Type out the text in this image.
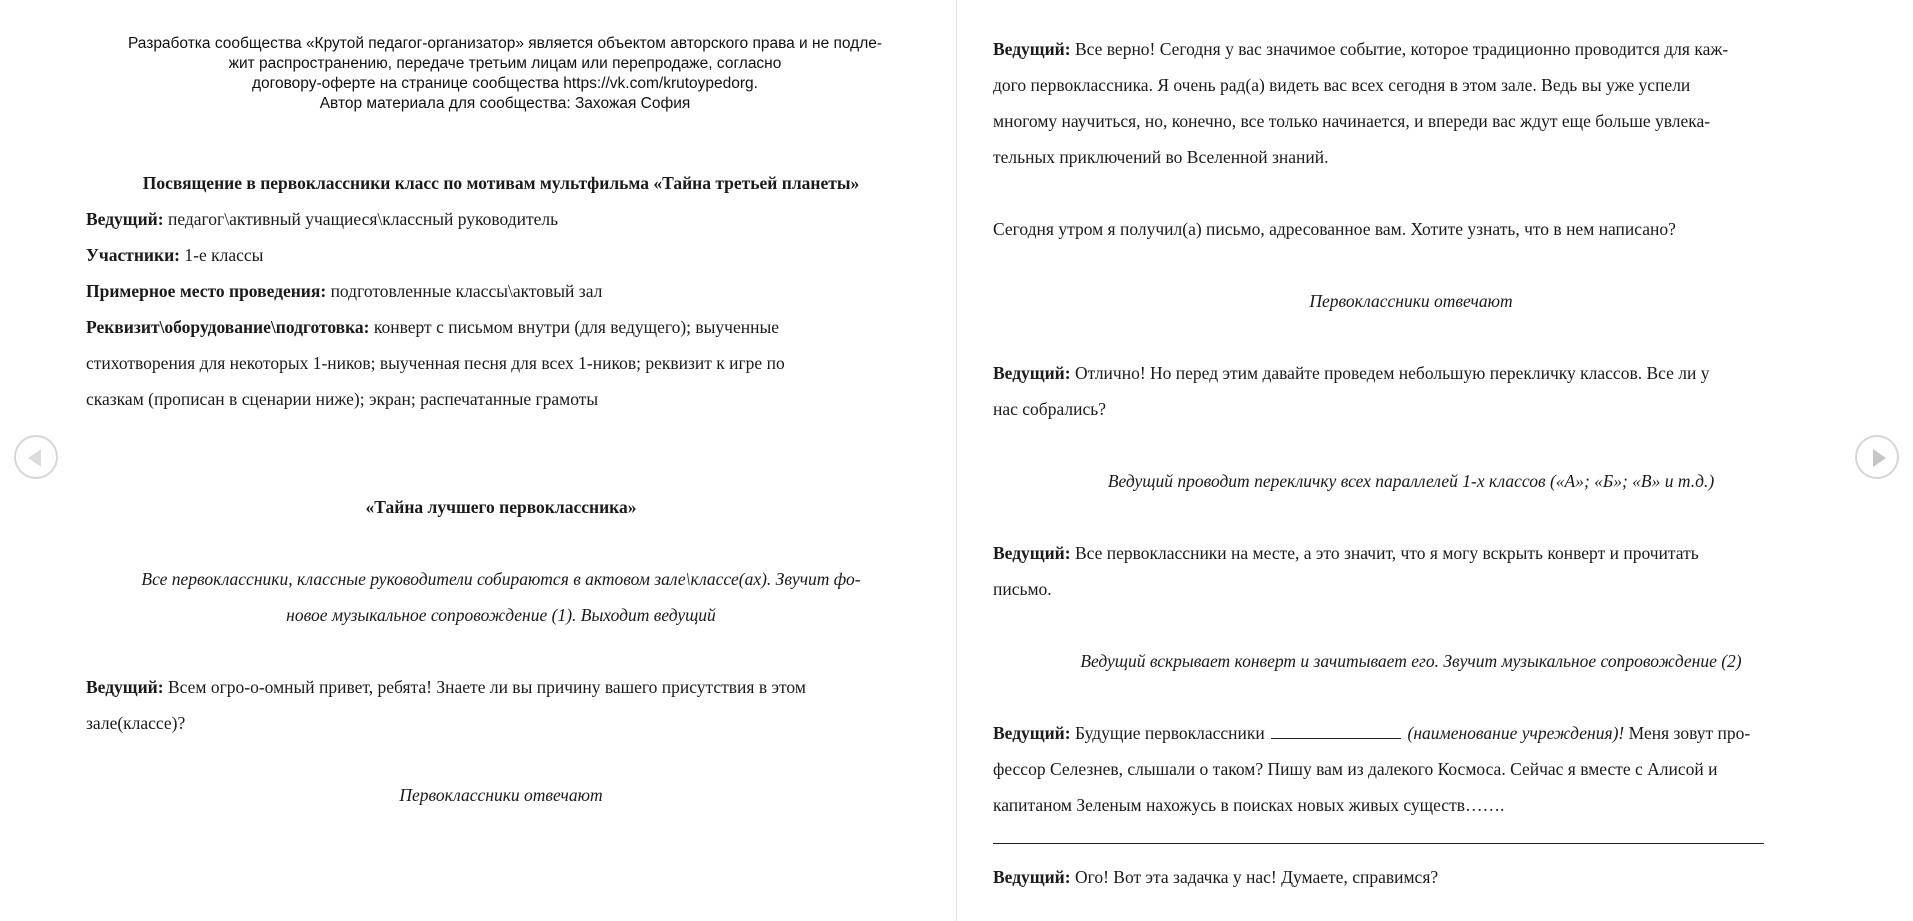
Разработка сообщества «Крутой педагог-организатор» является объектом авторского права и не подле-
жит распространению, передаче третьим лицам или перепродаже, согласно
договору-оферте на странице сообщества https://vk.com/krutoypedorg.
Автор материала для сообщества: Захожая София
Посвящение в первоклассники класс по мотивам мультфильма «Тайна третьей планеты»
Ведущий: педагог\активный учащиеся\классный руководитель
Участники: 1-е классы
Примерное место проведения: подготовленные классы\актовый зал
Реквизит\оборудование\подготовка: конверт с письмом внутри (для ведущего); выученные
стихотворения для некоторых 1-ников; выученная песня для всех 1-ников; реквизит к игре по
сказкам (прописан в сценарии ниже); экран; распечатанные грамоты
«Тайна лучшего первоклассника»
Все первоклассники, классные руководители собираются в актовом зале\классе(ах). Звучит фо-
новое музыкальное сопровождение (1). Выходит ведущий
Ведущий: Всем огро-о-омный привет, ребята! Знаете ли вы причину вашего присутствия в этом
зале(классе)?
Первоклассники отвечают
Ведущий: Все верно! Сегодня у вас значимое событие, которое традиционно проводится для каж-
дого первоклассника. Я очень рад(а) видеть вас всех сегодня в этом зале. Ведь вы уже успели
многому научиться, но, конечно, все только начинается, и впереди вас ждут еще больше увлека-
тельных приключений во Вселенной знаний.
Сегодня утром я получил(а) письмо, адресованное вам. Хотите узнать, что в нем написано?
Первоклассники отвечают
Ведущий: Отлично! Но перед этим давайте проведем небольшую перекличку классов. Все ли у
нас собрались?
Ведущий проводит перекличку всех параллелей 1-х классов («А»; «Б»; «В» и т.д.)
Ведущий: Все первоклассники на месте, а это значит, что я могу вскрыть конверт и прочитать
письмо.
Ведущий вскрывает конверт и зачитывает его. Звучит музыкальное сопровождение (2)
Ведущий: Будущие первоклассники	(наименование учреждения)! Меня зовут про-
фессор Селезнев, слышали о таком? Пишу вам из далекого Космоса. Сейчас я вместе с Алисой и
капитаном Зеленым нахожусь в поисках новых живых существ…….
Ведущий: Ого! Вот эта задачка у нас! Думаете, справимся?
